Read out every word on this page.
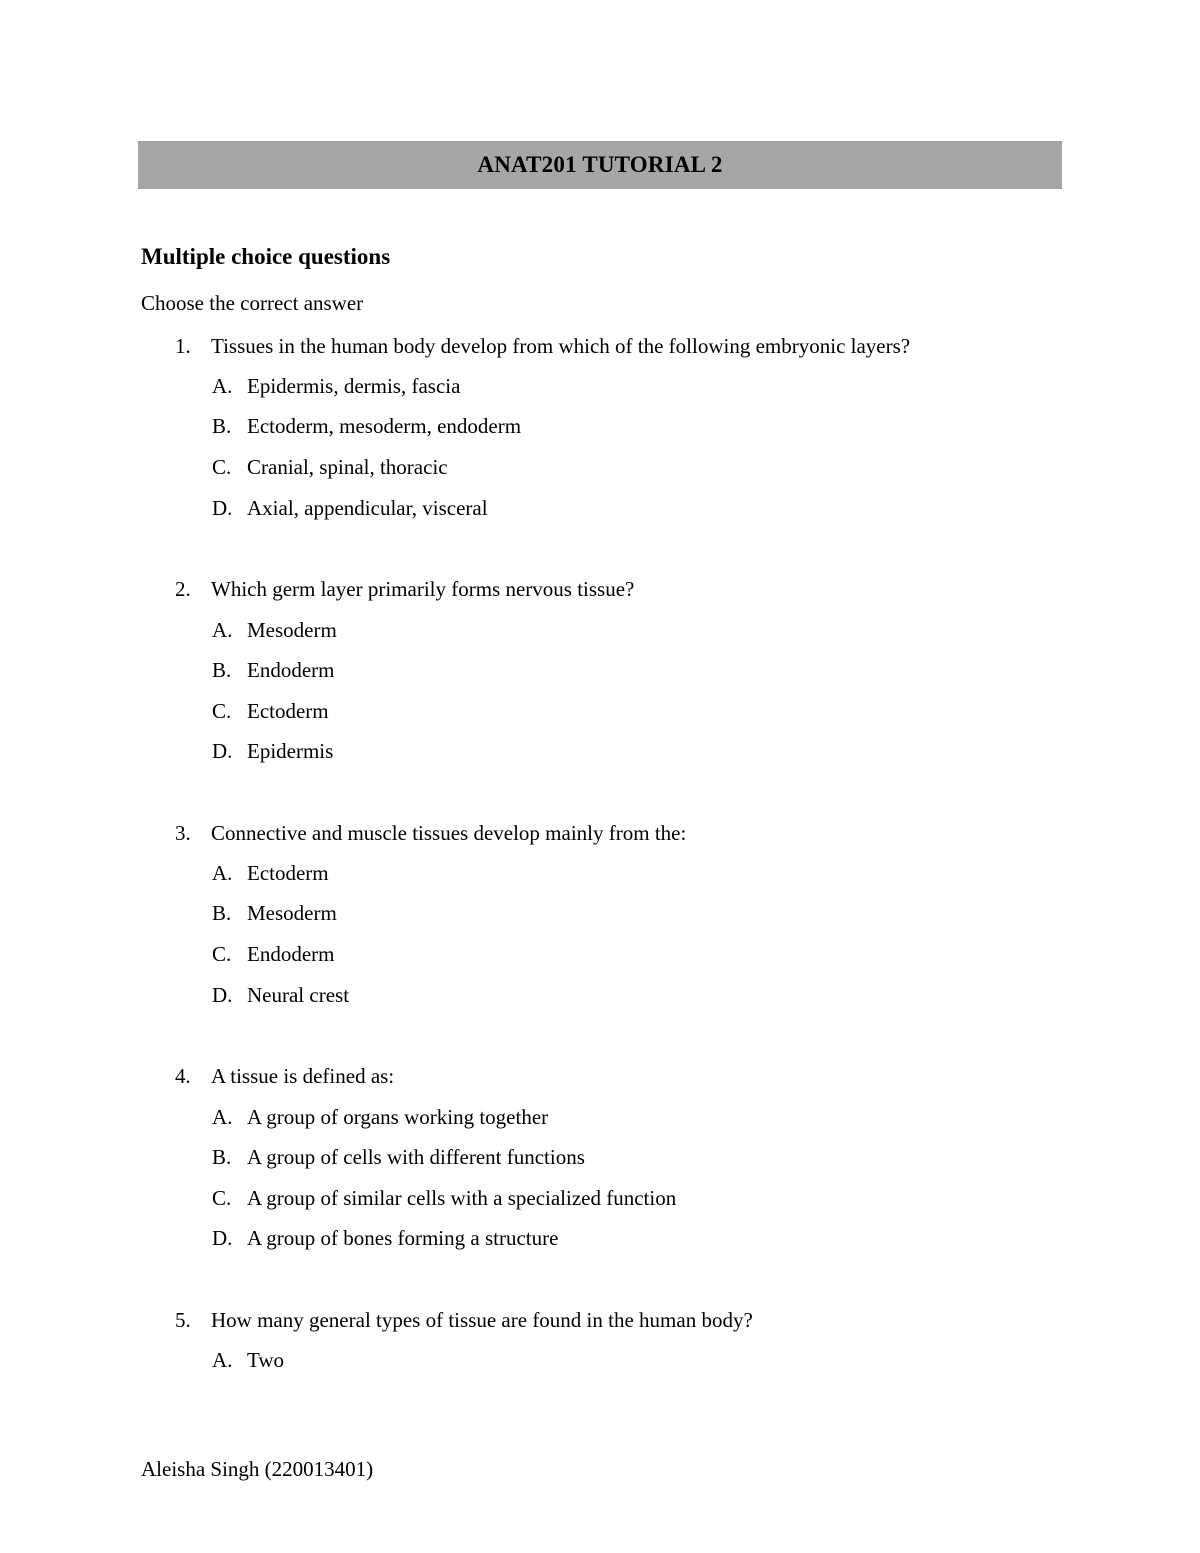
ANAT201 TUTORIAL 2
Multiple choice questions
Choose the correct answer
1. Tissues in the human body develop from which of the following embryonic layers?
A. Epidermis, dermis, fascia
B. Ectoderm, mesoderm, endoderm
C. Cranial, spinal, thoracic
D. Axial, appendicular, visceral
2. Which germ layer primarily forms nervous tissue?
A. Mesoderm
B. Endoderm
C. Ectoderm
D. Epidermis
3. Connective and muscle tissues develop mainly from the:
A. Ectoderm
B. Mesoderm
C. Endoderm
D. Neural crest
4. A tissue is defined as:
A. A group of organs working together
B. A group of cells with different functions
C. A group of similar cells with a specialized function
D. A group of bones forming a structure
5. How many general types of tissue are found in the human body?
A. Two
Aleisha Singh (220013401)
